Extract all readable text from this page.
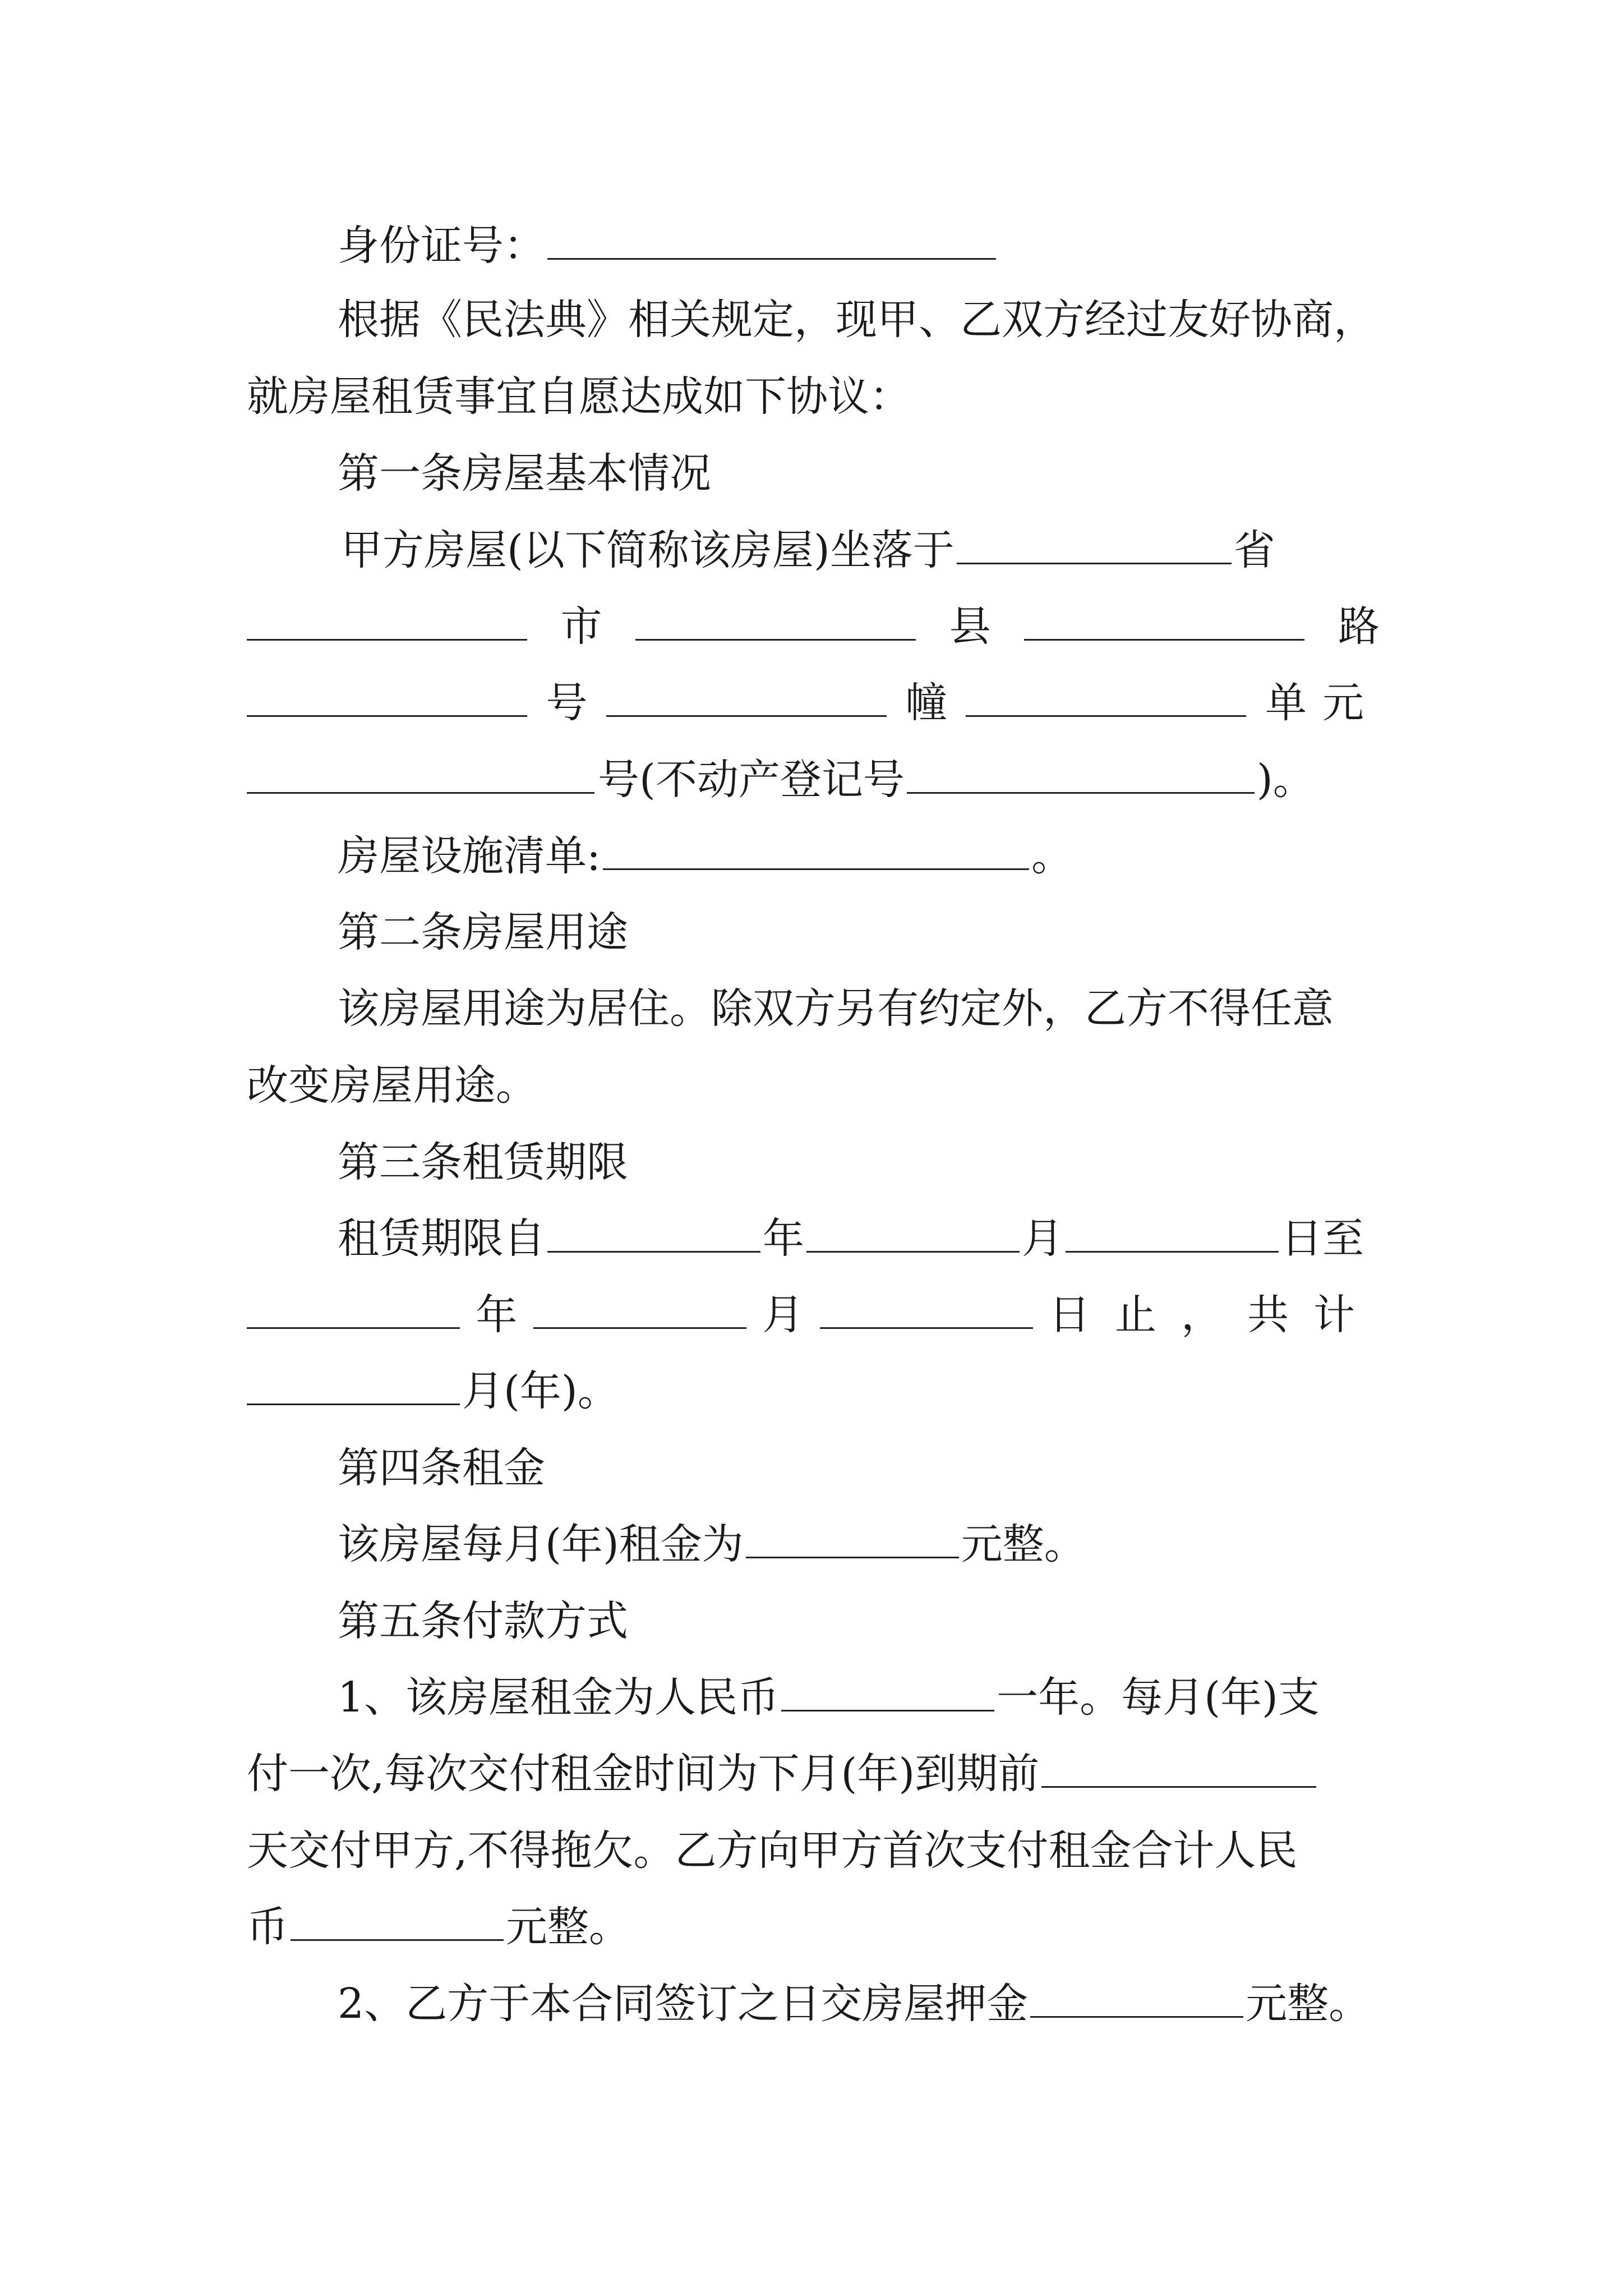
身份证号：
根据《民法典》相关规定，现甲、乙双方经过友好协商，
就房屋租赁事宜自愿达成如下协议：
第一条房屋基本情况
甲方房屋(以下简称该房屋)坐落于	省
市	县	路
号	幢	单元
号(不动产登记号	)。
房屋设施清单:	。
第二条房屋用途
该房屋用途为居住。除双方另有约定外，乙方不得任意
改变房屋用途。
第三条租赁期限
租赁期限自	年	月	日至
年	月	日止，共计
月(年)。
第四条租金
该房屋每月(年)租金为	元整。
第五条付款方式
1、该房屋租金为人民币	一年。每月(年)支
付一次,每次交付租金时间为下月(年)到期前
天交付甲方,不得拖欠。乙方向甲方首次支付租金合计人民
币	元整。
2、乙方于本合同签订之日交房屋押金	元整。
